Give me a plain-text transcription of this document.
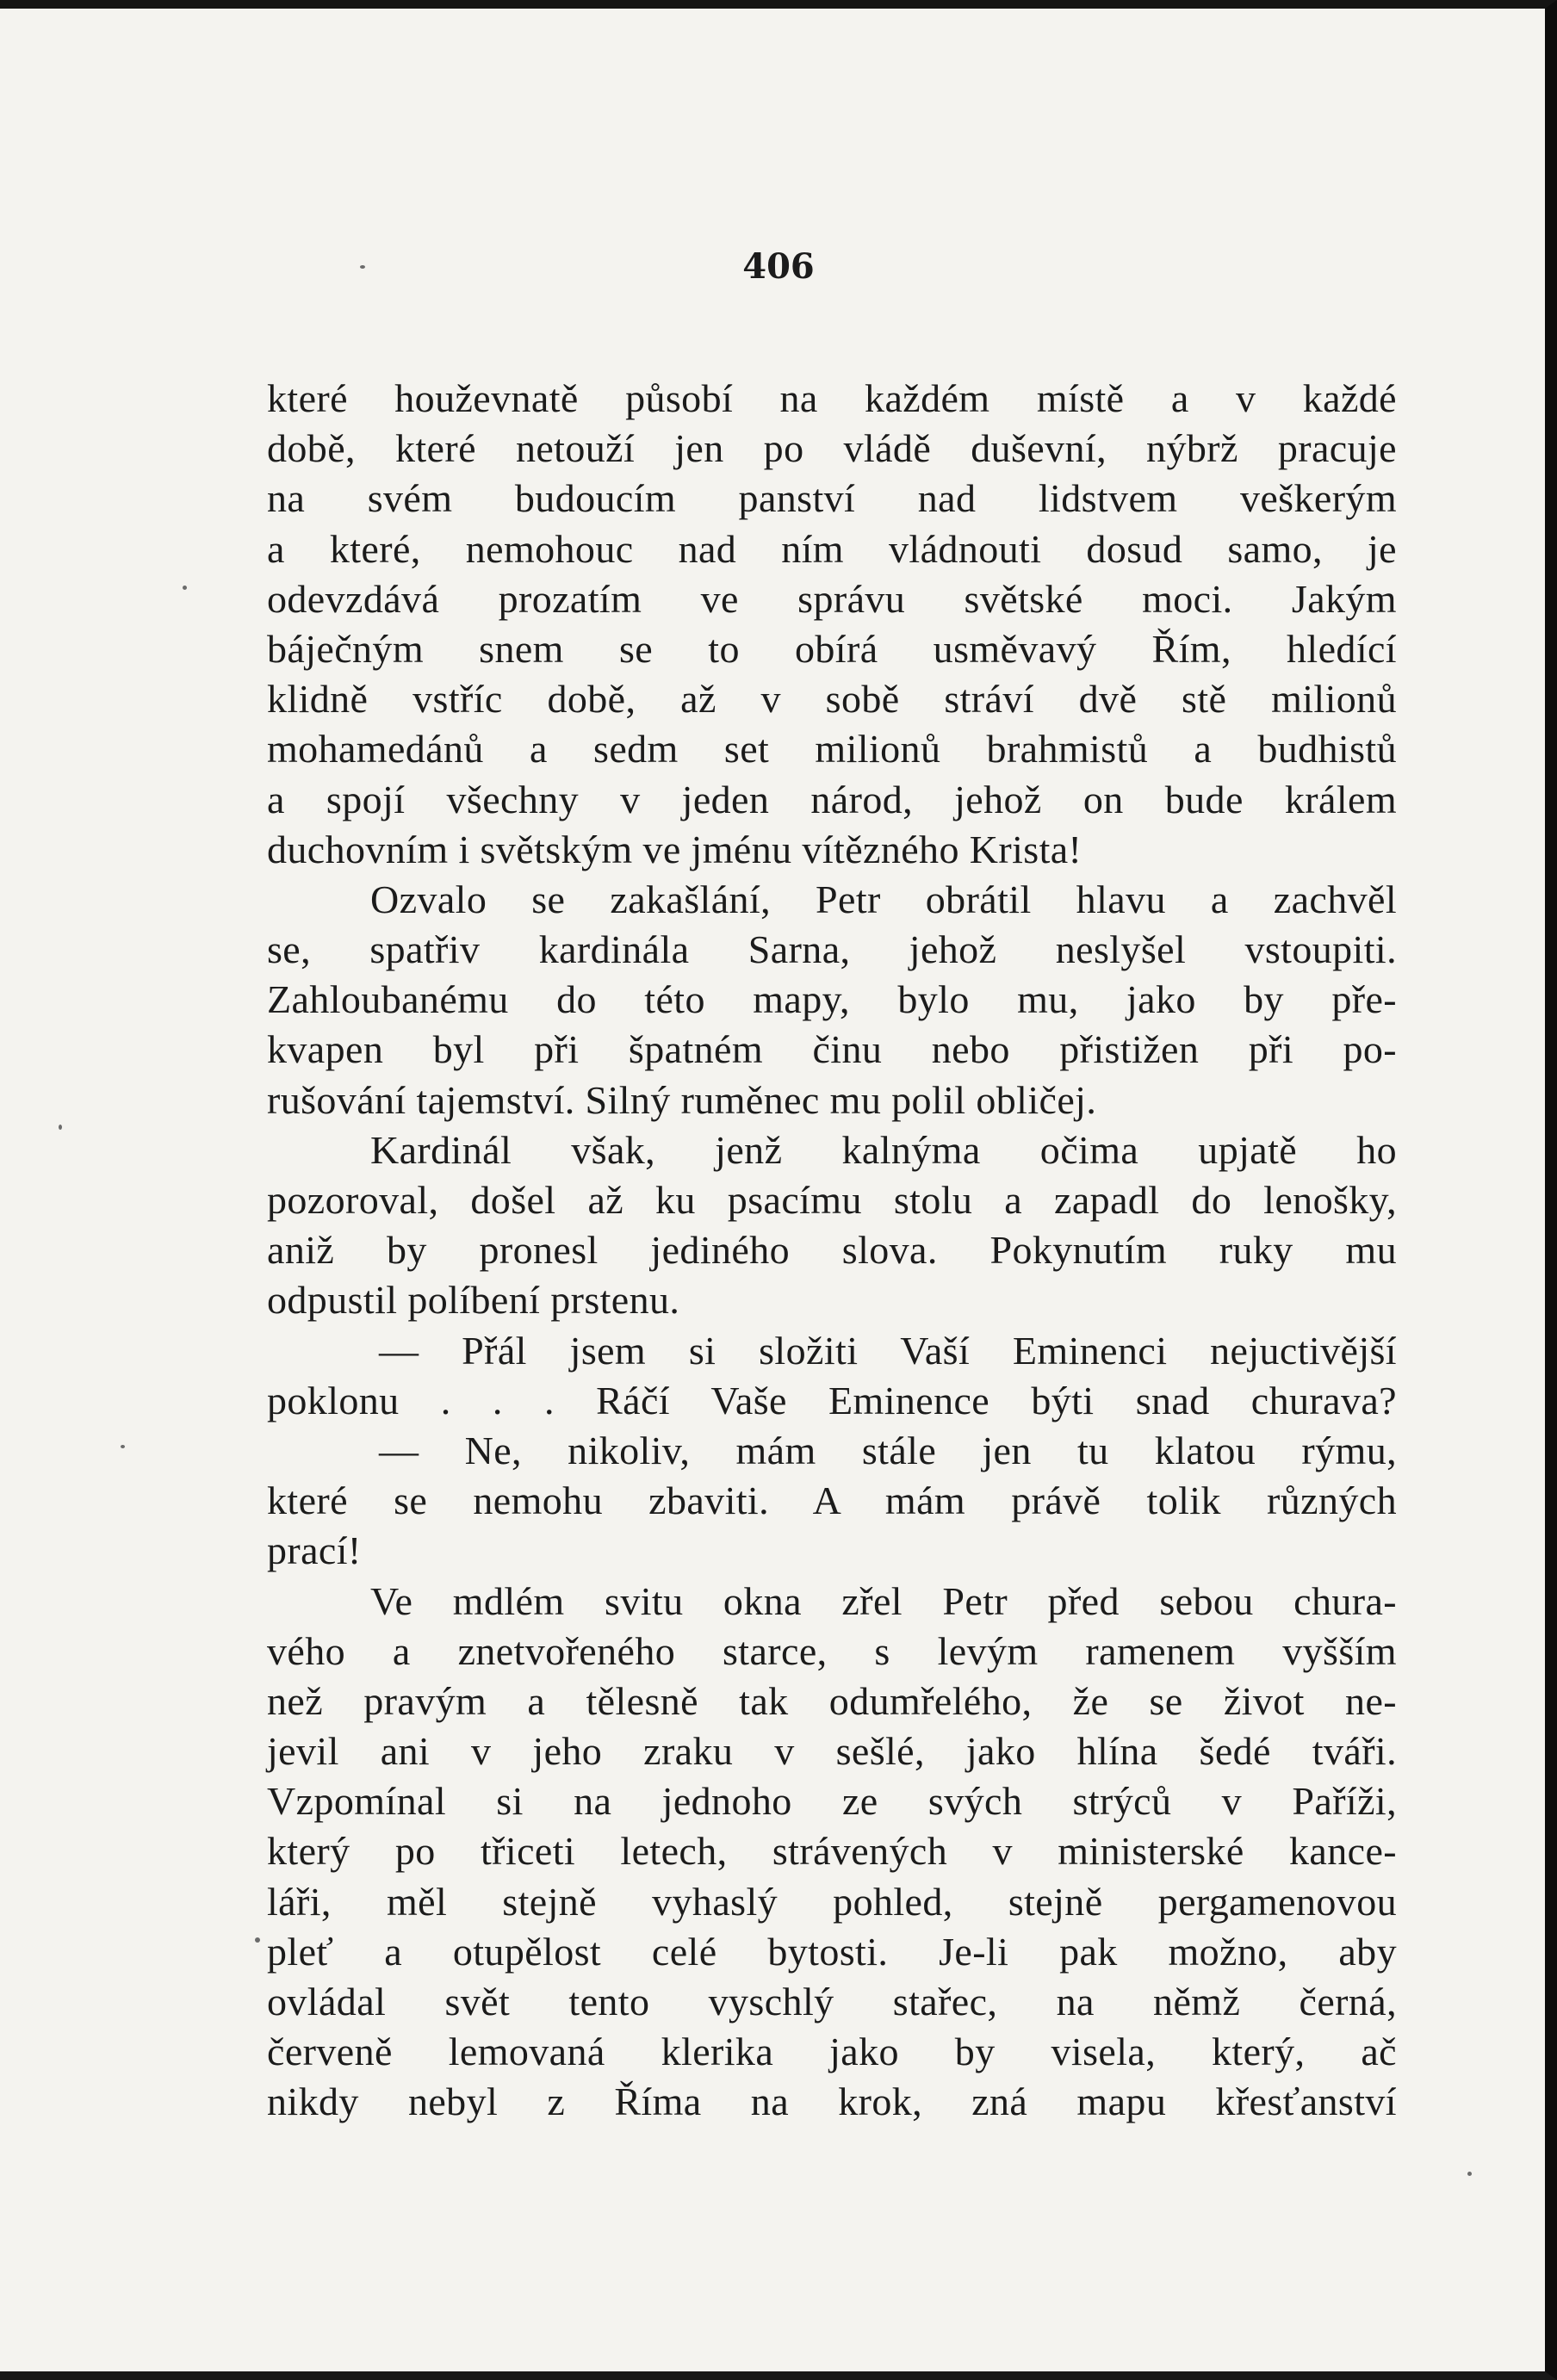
406
které houževnatě působí na každém místě a v každé
době, které netouží jen po vládě duševní, nýbrž pracuje
na svém budoucím panství nad lidstvem veškerým
a které, nemohouc nad ním vládnouti dosud samo, je
odevzdává prozatím ve správu světské moci. Jakým
báječným snem se to obírá usměvavý Řím, hledící
klidně vstříc době, až v sobě stráví dvě stě milionů
mohamedánů a sedm set milionů brahmistů a budhistů
a spojí všechny v jeden národ, jehož on bude králem
duchovním i světským ve jménu vítězného Krista!
Ozvalo se zakašlání, Petr obrátil hlavu a zachvěl
se, spatřiv kardinála Sarna, jehož neslyšel vstoupiti.
Zahloubanému do této mapy, bylo mu, jako by pře-
kvapen byl při špatném činu nebo přistižen při po-
rušování tajemství. Silný ruměnec mu polil obličej.
Kardinál však, jenž kalnýma očima upjatě ho
pozoroval, došel až ku psacímu stolu a zapadl do lenošky,
aniž by pronesl jediného slova. Pokynutím ruky mu
odpustil políbení prstenu.
— Přál jsem si složiti Vaší Eminenci nejuctivější
poklonu . . . Ráčí Vaše Eminence býti snad churava?
— Ne, nikoliv, mám stále jen tu klatou rýmu,
které se nemohu zbaviti. A mám právě tolik různých
prací!
Ve mdlém svitu okna zřel Petr před sebou chura-
vého a znetvořeného starce, s levým ramenem vyšším
než pravým a tělesně tak odumřelého, že se život ne-
jevil ani v jeho zraku v sešlé, jako hlína šedé tváři.
Vzpomínal si na jednoho ze svých strýců v Paříži,
který po třiceti letech, strávených v ministerské kance-
láři, měl stejně vyhaslý pohled, stejně pergamenovou
pleť a otupělost celé bytosti. Je-li pak možno, aby
ovládal svět tento vyschlý stařec, na němž černá,
červeně lemovaná klerika jako by visela, který, ač
nikdy nebyl z Říma na krok, zná mapu křesťanství
